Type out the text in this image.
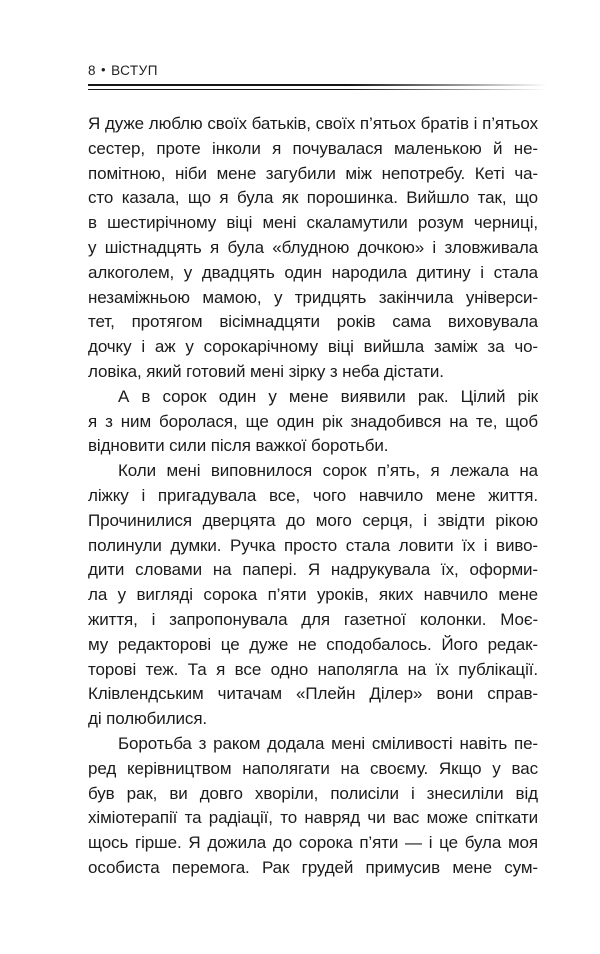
8 • ВСТУП
Я дуже люблю своїх батьків, своїх п’ятьох братів і п’ятьох
сестер, проте інколи я почувалася маленькою й не-
помітною, ніби мене загубили між непотребу. Кеті ча-
сто казала, що я була як порошинка. Вийшло так, що
в шестирічному віці мені скаламутили розум черниці,
у шістнадцять я була «блудною дочкою» і зловживала
алкоголем, у двадцять один народила дитину і стала
незаміжньою мамою, у тридцять закінчила універси-
тет, протягом вісімнадцяти років сама виховувала
дочку і аж у сорокарічному віці вийшла заміж за чо-
ловіка, який готовий мені зірку з неба дістати.
А в сорок один у мене виявили рак. Цілий рік
я з ним боролася, ще один рік знадобився на те, щоб
відновити сили після важкої боротьби.
Коли мені виповнилося сорок п’ять, я лежала на
ліжку і пригадувала все, чого навчило мене життя.
Прочинилися дверцята до мого серця, і звідти рікою
полинули думки. Ручка просто стала ловити їх і виво-
дити словами на папері. Я надрукувала їх, оформи-
ла у вигляді сорока п’яти уроків, яких навчило мене
життя, і запропонувала для газетної колонки. Моє-
му редакторові це дуже не сподобалось. Його редак-
торові теж. Та я все одно наполягла на їх публікації.
Клівлендським читачам «Плейн Ділер» вони справ-
ді полюбилися.
Боротьба з раком додала мені сміливості навіть пе-
ред керівництвом наполягати на своєму. Якщо у вас
був рак, ви довго хворіли, полисіли і знесиліли від
хіміотерапії та радіації, то навряд чи вас може спіткати
щось гірше. Я дожила до сорока п’яти — і це була моя
особиста перемога. Рак грудей примусив мене сум-
